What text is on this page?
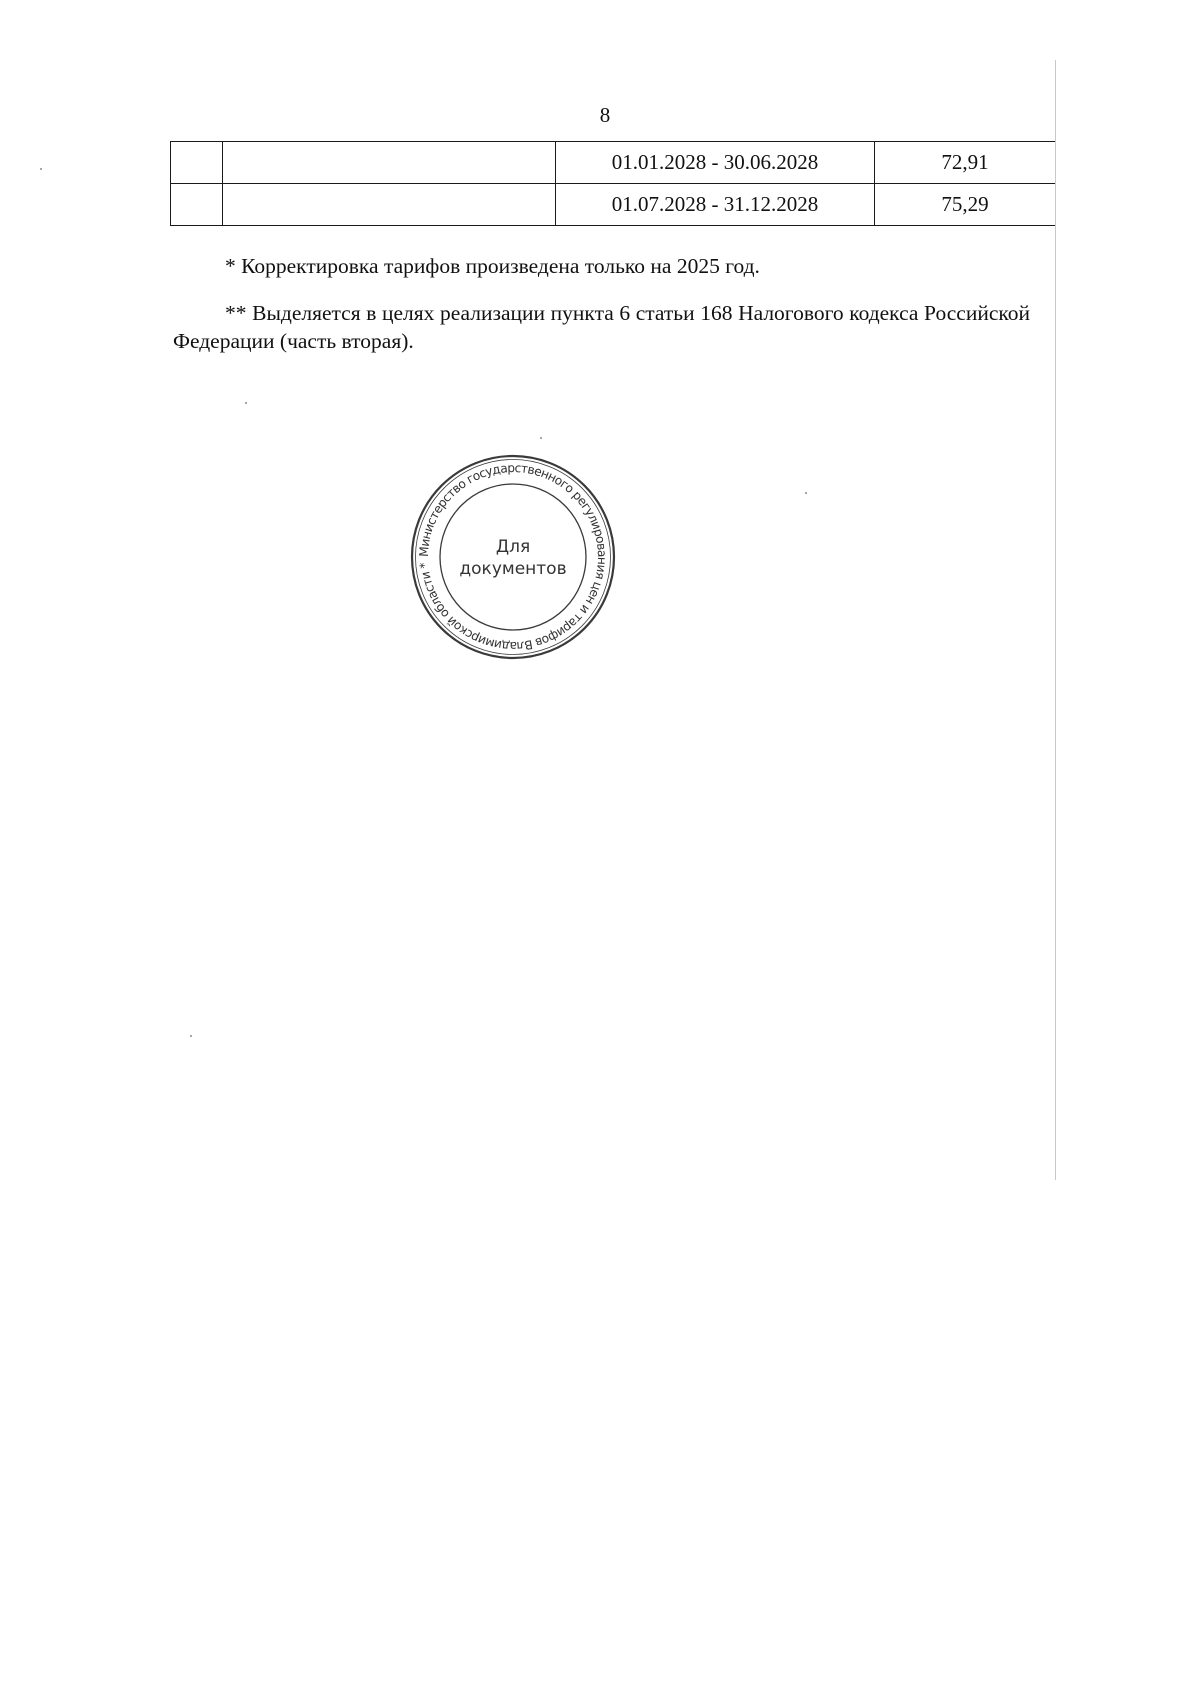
8
		01.01.2028 - 30.06.2028	72,91
		01.07.2028 - 31.12.2028	75,29

* Корректировка тарифов произведена только на 2025 год.

** Выделяется в целях реализации пункта 6 статьи 168 Налогового кодекса Российской Федерации (часть вторая).

Министерство государственного регулирования цен и тарифов Владимирской области *
Для
документов
